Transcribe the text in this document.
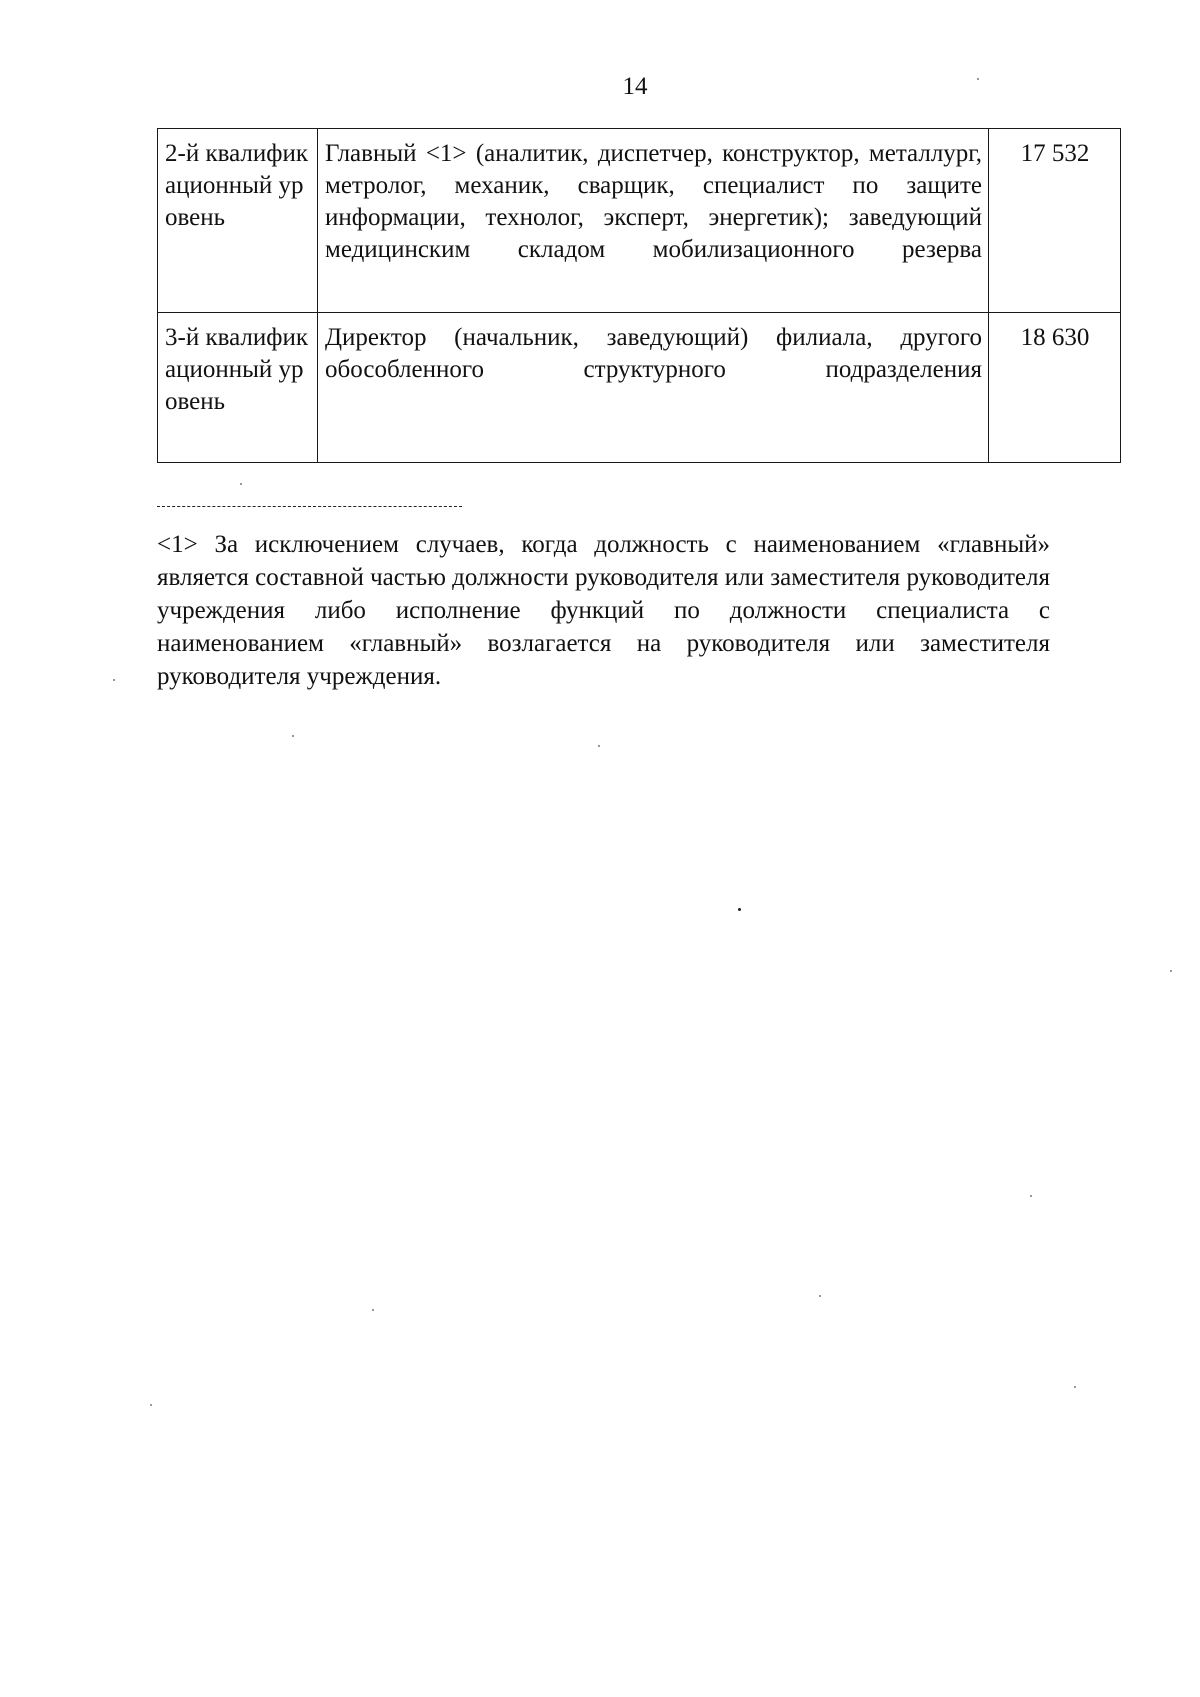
14
2-й квалификационный уровень	Главный <1> (аналитик, диспетчер, конструктор, металлург, метролог, механик, сварщик, специалист по защите информации, технолог, эксперт, энергетик); заведующий медицинским складом мобилизационного резерва	17 532
3-й квалификационный уровень	Директор (начальник, заведующий) филиала, другого обособленного структурного подразделения	18 630
<1> За исключением случаев, когда должность с наименованием «главный» является составной частью должности руководителя или заместителя руководителя учреждения либо исполнение функций по должности специалиста с наименованием «главный» возлагается на руководителя или заместителя руководителя учреждения.
